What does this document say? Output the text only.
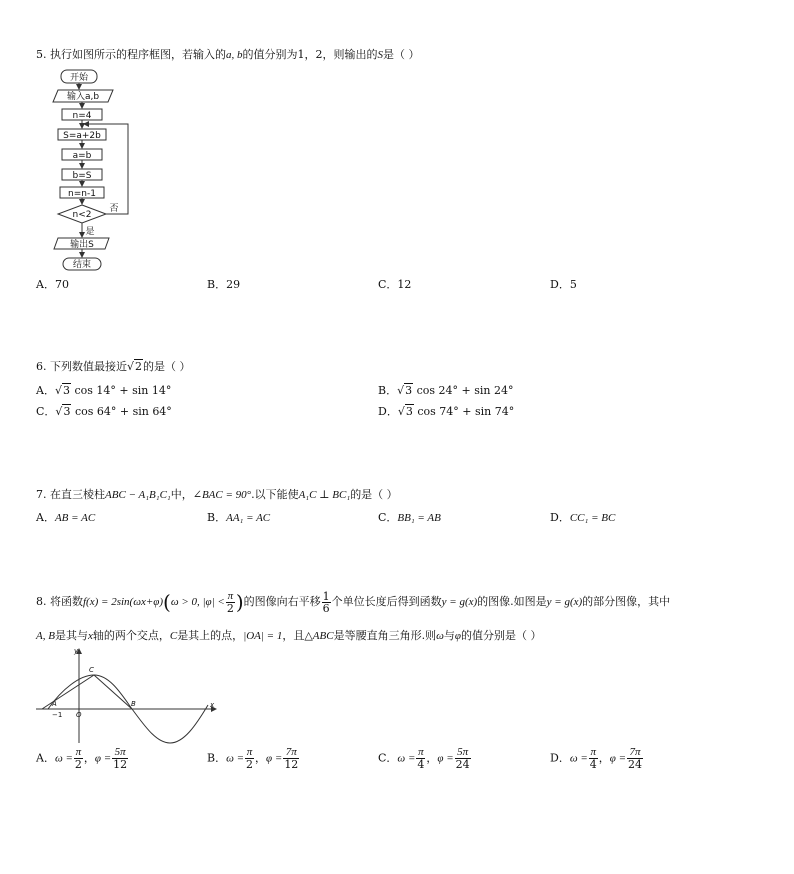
5. 执行如图所示的程序框图，若输入的a, b的值分别为1，2，则输出的S是（ ）
开始
输入a,b
n=4
S=a+2b
a=b
b=S
n=n-1
n<2
否
是
输出S
结束
A．70	B．29	C．12	D．5
6. 下列数值最接近√2的是（ ）
A．√3 cos 14° + sin 14°	B．√3 cos 24° + sin 24°
C．√3 cos 64° + sin 64°	D．√3 cos 74° + sin 74°
7. 在直三棱柱ABC − A₁B₁C₁中，∠BAC = 90°.以下能使A₁C ⊥ BC₁的是（ ）
A．AB = AC	B．AA₁ = AC	C．BB₁ = AB	D．CC₁ = BC
8. 将函数f(x) = 2sin(ωx+φ)(ω > 0, $|\varphi| < \frac{\pi}{2}$ )的图像向右平移 $\frac{1}{6}$ 个单位长度后得到函数y = g(x)的图像.如图是y = g(x)的部分图像，其中
A, B是其与x轴的两个交点，C是其上的点，|OA| = 1，且△ABC是等腰直角三角形.则ω与φ的值分别是（ ）
C
A	B
O
y
x
−1
A．$\omega = \frac{\pi}{2}$ ，$\varphi = \frac{5\pi}{12}$	B．$\omega = \frac{\pi}{2}$ ，$\varphi = \frac{7\pi}{12}$	C．$\omega = \frac{\pi}{4}$ ，$\varphi = \frac{5\pi}{24}$	D．$\omega = \frac{\pi}{4}$ ，$\varphi = \frac{7\pi}{24}$
